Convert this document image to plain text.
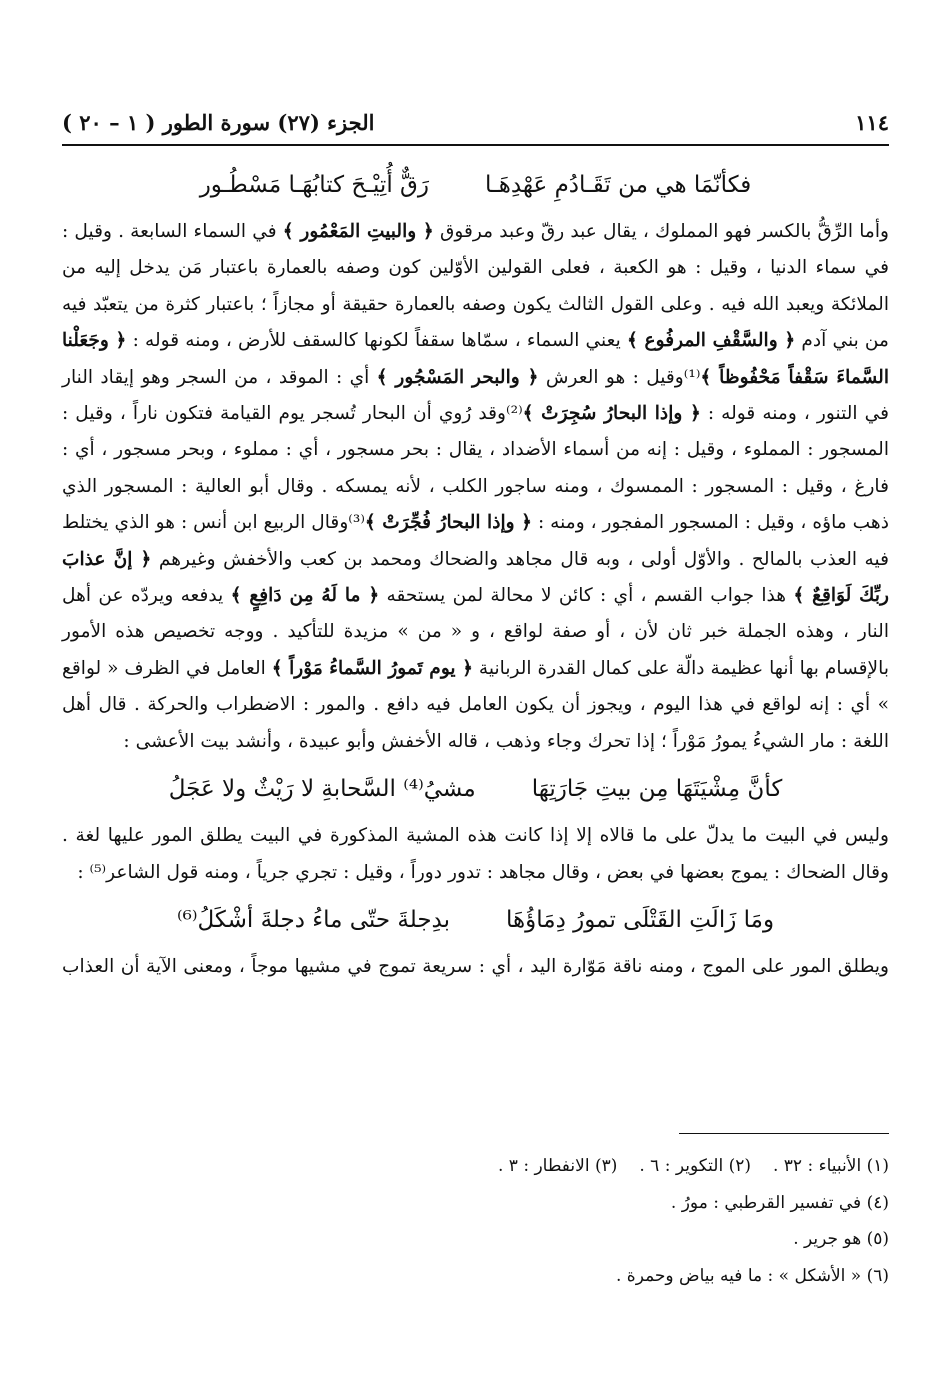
١١٤
الجزء (٢٧) سورة الطور ( ١ – ٢٠ )
فكأنّمَا هي من تَقَـادُمِ عَهْدِهَـا
رَقٌّ أُتِيْـحَ كتابُهَـا مَسْطُـور

وأما الرِّقُّ بالكسر فهو المملوك ، يقال عبد رقّ وعبد مرقوق ﴿ والبيتِ المَعْمُور ﴾ في السماء السابعة . وقيل : في سماء الدنيا ، وقيل : هو الكعبة ، فعلى القولين الأوّلين كون وصفه بالعمارة باعتبار مَن يدخل إليه من الملائكة ويعبد الله فيه . وعلى القول الثالث يكون وصفه بالعمارة حقيقة أو مجازاً ؛ باعتبار كثرة من يتعبّد فيه من بني آدم ﴿ والسَّقْفِ المرفُوع ﴾ يعني السماء ، سمّاها سقفاً لكونها كالسقف للأرض ، ومنه قوله : ﴿ وجَعَلْنا السَّماءَ سَقْفاً مَحْفُوظاً ﴾⁽¹⁾وقيل : هو العرش ﴿ والبحر المَسْجُور ﴾ أي : الموقد ، من السجر وهو إيقاد النار في التنور ، ومنه قوله : ﴿ وإذا البحارُ سُجِرَتْ ﴾⁽²⁾وقد رُوي أن البحار تُسجر يوم القيامة فتكون ناراً ، وقيل : المسجور : المملوء ، وقيل : إنه من أسماء الأضداد ، يقال : بحر مسجور ، أي : مملوء ، وبحر مسجور ، أي : فارغ ، وقيل : المسجور : الممسوك ، ومنه ساجور الكلب ، لأنه يمسكه . وقال أبو العالية : المسجور الذي ذهب ماؤه ، وقيل : المسجور المفجور ، ومنه : ﴿ وإذا البحارُ فُجِّرَتْ ﴾⁽³⁾وقال الربيع ابن أنس : هو الذي يختلط فيه العذب بالمالح . والأوّل أولى ، وبه قال مجاهد والضحاك ومحمد بن كعب والأخفش وغيرهم ﴿ إنَّ عذابَ ربِّكَ لَوَاقِعٌ ﴾ هذا جواب القسم ، أي : كائن لا محالة لمن يستحقه ﴿ ما لَهُ مِن دَافِعٍ ﴾ يدفعه ويردّه عن أهل النار ، وهذه الجملة خبر ثان لأن ، أو صفة لواقع ، و « من » مزيدة للتأكيد . ووجه تخصيص هذه الأمور بالإقسام بها أنها عظيمة دالّة على كمال القدرة الربانية ﴿ يوم تَمورُ السَّماءُ مَوْراً ﴾ العامل في الظرف « لواقع » أي : إنه لواقع في هذا اليوم ، ويجوز أن يكون العامل فيه دافع . والمور : الاضطراب والحركة . قال أهل اللغة : مار الشيءُ يمورُ مَوْراً ؛ إذا تحرك وجاء وذهب ، قاله الأخفش وأبو عبيدة ، وأنشد بيت الأعشى :

كأنَّ مِشْيَتَهَا مِن بيتِ جَارَتِهَا
مشيُ⁽⁴⁾ السَّحابةِ لا رَيْثٌ ولا عَجَلُ

وليس في البيت ما يدلّ على ما قالاه إلا إذا كانت هذه المشية المذكورة في البيت يطلق المور عليها لغة . وقال الضحاك : يموج بعضها في بعض ، وقال مجاهد : تدور دوراً ، وقيل : تجري جرياً ، ومنه قول الشاعر⁽⁵⁾ :

ومَا زَالَتِ القَتْلَى تمورُ دِمَاؤُهَا
بدِجلةَ حتّى ماءُ دجلةَ أشْكَلُ⁽⁶⁾

ويطلق المور على الموج ، ومنه ناقة مَوّارة اليد ، أي : سريعة تموج في مشيها موجاً ، ومعنى الآية أن العذاب

(١) الأنبياء : ٣٢ .(٢) التكوير : ٦ .(٣) الانفطار : ٣ .
(٤) في تفسير القرطبي : مورُ .
(٥) هو جرير .
(٦) « الأشكل » : ما فيه بياض وحمرة .
